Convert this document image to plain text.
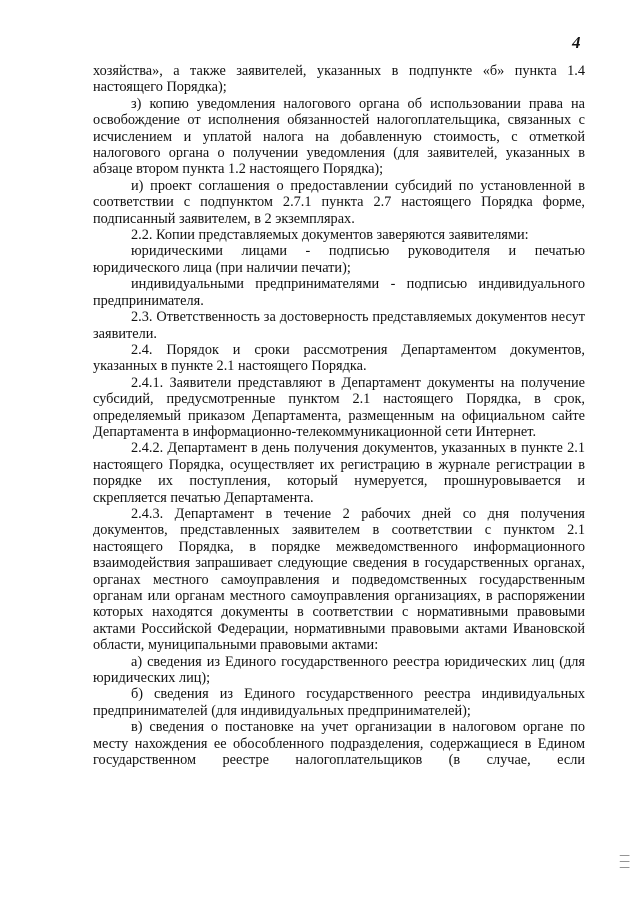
4

хозяйства», а также заявителей, указанных в подпункте «б» пункта 1.4 настоящего Порядка);

з) копию уведомления налогового органа об использовании права на освобождение от исполнения обязанностей налогоплательщика, связанных с исчислением и уплатой налога на добавленную стоимость, с отметкой налогового органа о получении уведомления (для заявителей, указанных в абзаце втором пункта 1.2 настоящего Порядка);

и) проект соглашения о предоставлении субсидий по установленной в соответствии с подпунктом 2.7.1 пункта 2.7 настоящего Порядка форме, подписанный заявителем, в 2 экземплярах.

2.2. Копии представляемых документов заверяются заявителями:

юридическими лицами - подписью руководителя и печатью юридического лица (при наличии печати);

индивидуальными предпринимателями - подписью индивидуального предпринимателя.

2.3. Ответственность за достоверность представляемых документов несут заявители.

2.4. Порядок и сроки рассмотрения Департаментом документов, указанных в пункте 2.1 настоящего Порядка.

2.4.1. Заявители представляют в Департамент документы на получение субсидий, предусмотренные пунктом 2.1 настоящего Порядка, в срок, определяемый приказом Департамента, размещенным на официальном сайте Департамента в информационно-телекоммуникационной сети Интернет.

2.4.2. Департамент в день получения документов, указанных в пункте 2.1 настоящего Порядка, осуществляет их регистрацию в журнале регистрации в порядке их поступления, который нумеруется, прошнуровывается и скрепляется печатью Департамента.

2.4.3. Департамент в течение 2 рабочих дней со дня получения документов, представленных заявителем в соответствии с пунктом 2.1 настоящего Порядка, в порядке межведомственного информационного взаимодействия запрашивает следующие сведения в государственных органах, органах местного самоуправления и подведомственных государственным органам или органам местного самоуправления организациях, в распоряжении которых находятся документы в соответствии с нормативными правовыми актами Российской Федерации, нормативными правовыми актами Ивановской области, муниципальными правовыми актами:

а) сведения из Единого государственного реестра юридических лиц (для юридических лиц);

б) сведения из Единого государственного реестра индивидуальных предпринимателей (для индивидуальных предпринимателей);

в) сведения о постановке на учет организации в налоговом органе по месту нахождения ее обособленного подразделения, содержащиеся в Едином государственном реестре налогоплательщиков (в случае, если

│││
